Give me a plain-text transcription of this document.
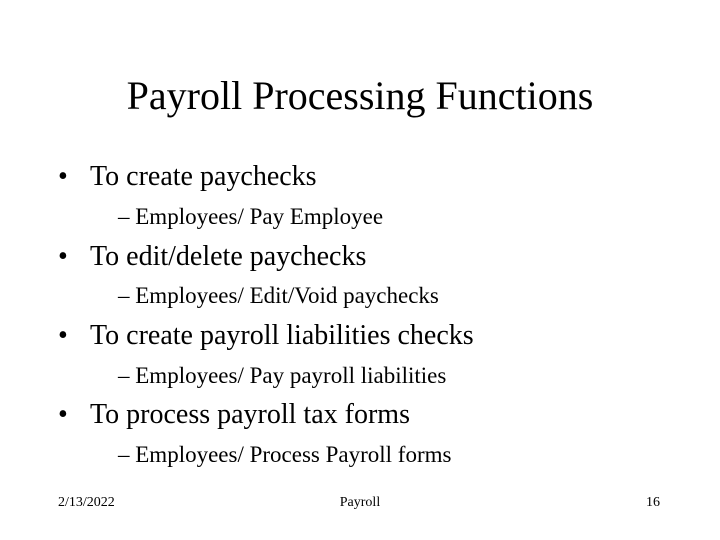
Payroll Processing Functions
• To create paychecks
– Employees/ Pay Employee
• To edit/delete paychecks
– Employees/ Edit/Void paychecks
• To create payroll liabilities checks
– Employees/ Pay payroll liabilities
• To process payroll tax forms
– Employees/ Process Payroll forms
2/13/2022	Payroll	16
